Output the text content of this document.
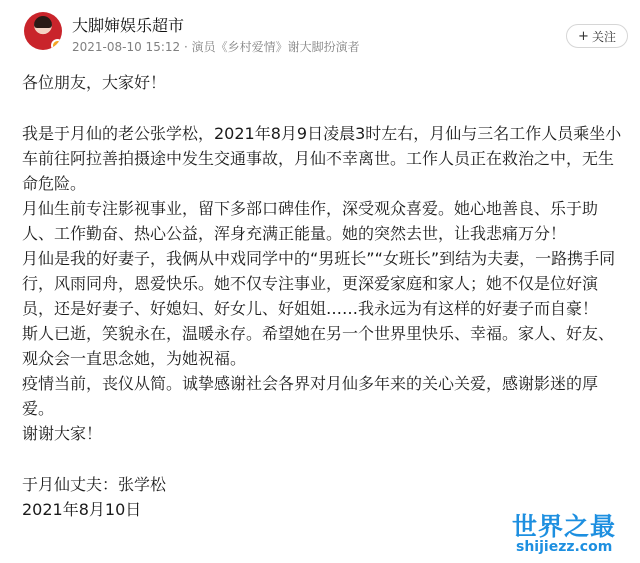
大脚婶娱乐超市
2021-08-10 15:12 · 演员《乡村爱情》谢大脚扮演者
+ 关注

各位朋友，大家好！

我是于月仙的老公张学松，2021年8月9日凌晨3时左右，月仙与三名工作人员乘坐小车前往阿拉善拍摄途中发生交通事故，月仙不幸离世。工作人员正在救治之中，无生命危险。

月仙生前专注影视事业，留下多部口碑佳作，深受观众喜爱。她心地善良、乐于助人、工作勤奋、热心公益，浑身充满正能量。她的突然去世，让我悲痛万分！

月仙是我的好妻子，我俩从中戏同学中的“男班长”“女班长”到结为夫妻，一路携手同行，风雨同舟，恩爱快乐。她不仅专注事业，更深爱家庭和家人；她不仅是位好演员，还是好妻子、好媳妇、好女儿、好姐姐……我永远为有这样的好妻子而自豪！

斯人已逝，笑貌永在，温暖永存。希望她在另一个世界里快乐、幸福。家人、好友、观众会一直思念她，为她祝福。

疫情当前，丧仪从简。诚挚感谢社会各界对月仙多年来的关心关爱，感谢影迷的厚爱。

谢谢大家！

于月仙丈夫：张学松

2021年8月10日

世界之最
shijiezz.com
